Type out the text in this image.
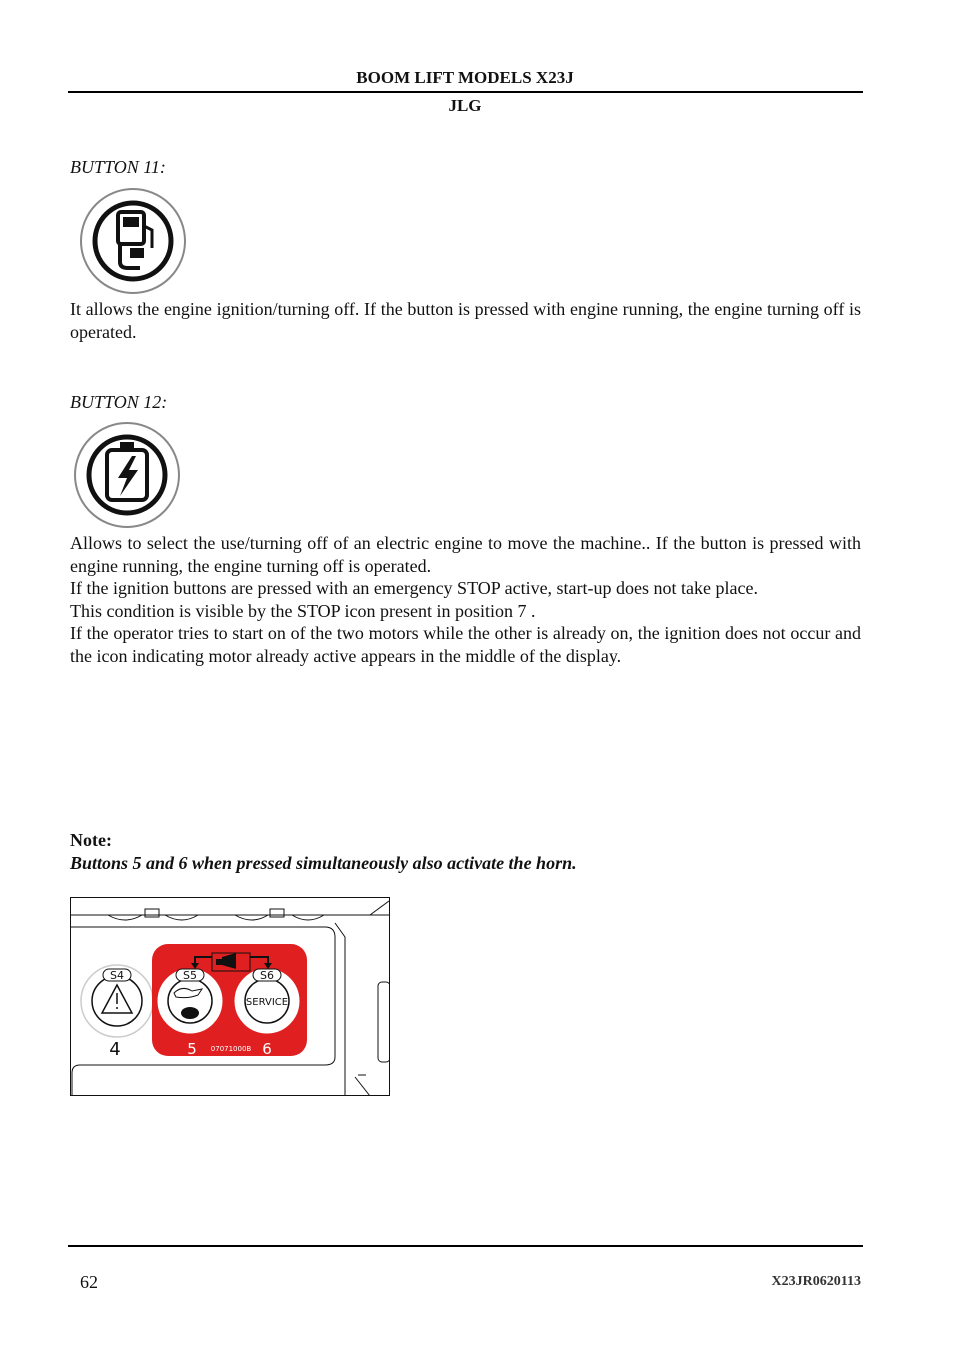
BOOM LIFT MODELS X23J
JLG
BUTTON 11:

It allows the engine ignition/turning off. If the button is pressed with engine running, the engine turning off is operated.

BUTTON 12:

Allows to select the use/turning off of an electric engine to move the machine.. If the button is pressed with engine running, the engine turning off is operated.

If the ignition buttons are pressed with an emergency STOP active, start-up does not take place.

This condition is visible by the STOP icon present in position 7 .

If the operator tries to start on of the two motors while the other is already on, the ignition does not occur and the icon indicating motor already active appears in the middle of the display.

Note:
Buttons 5 and 6 when pressed simultaneously also activate the horn.
S4	S5	S6
SERVICE
4	5	6
07071000B
62	X23JR0620113
